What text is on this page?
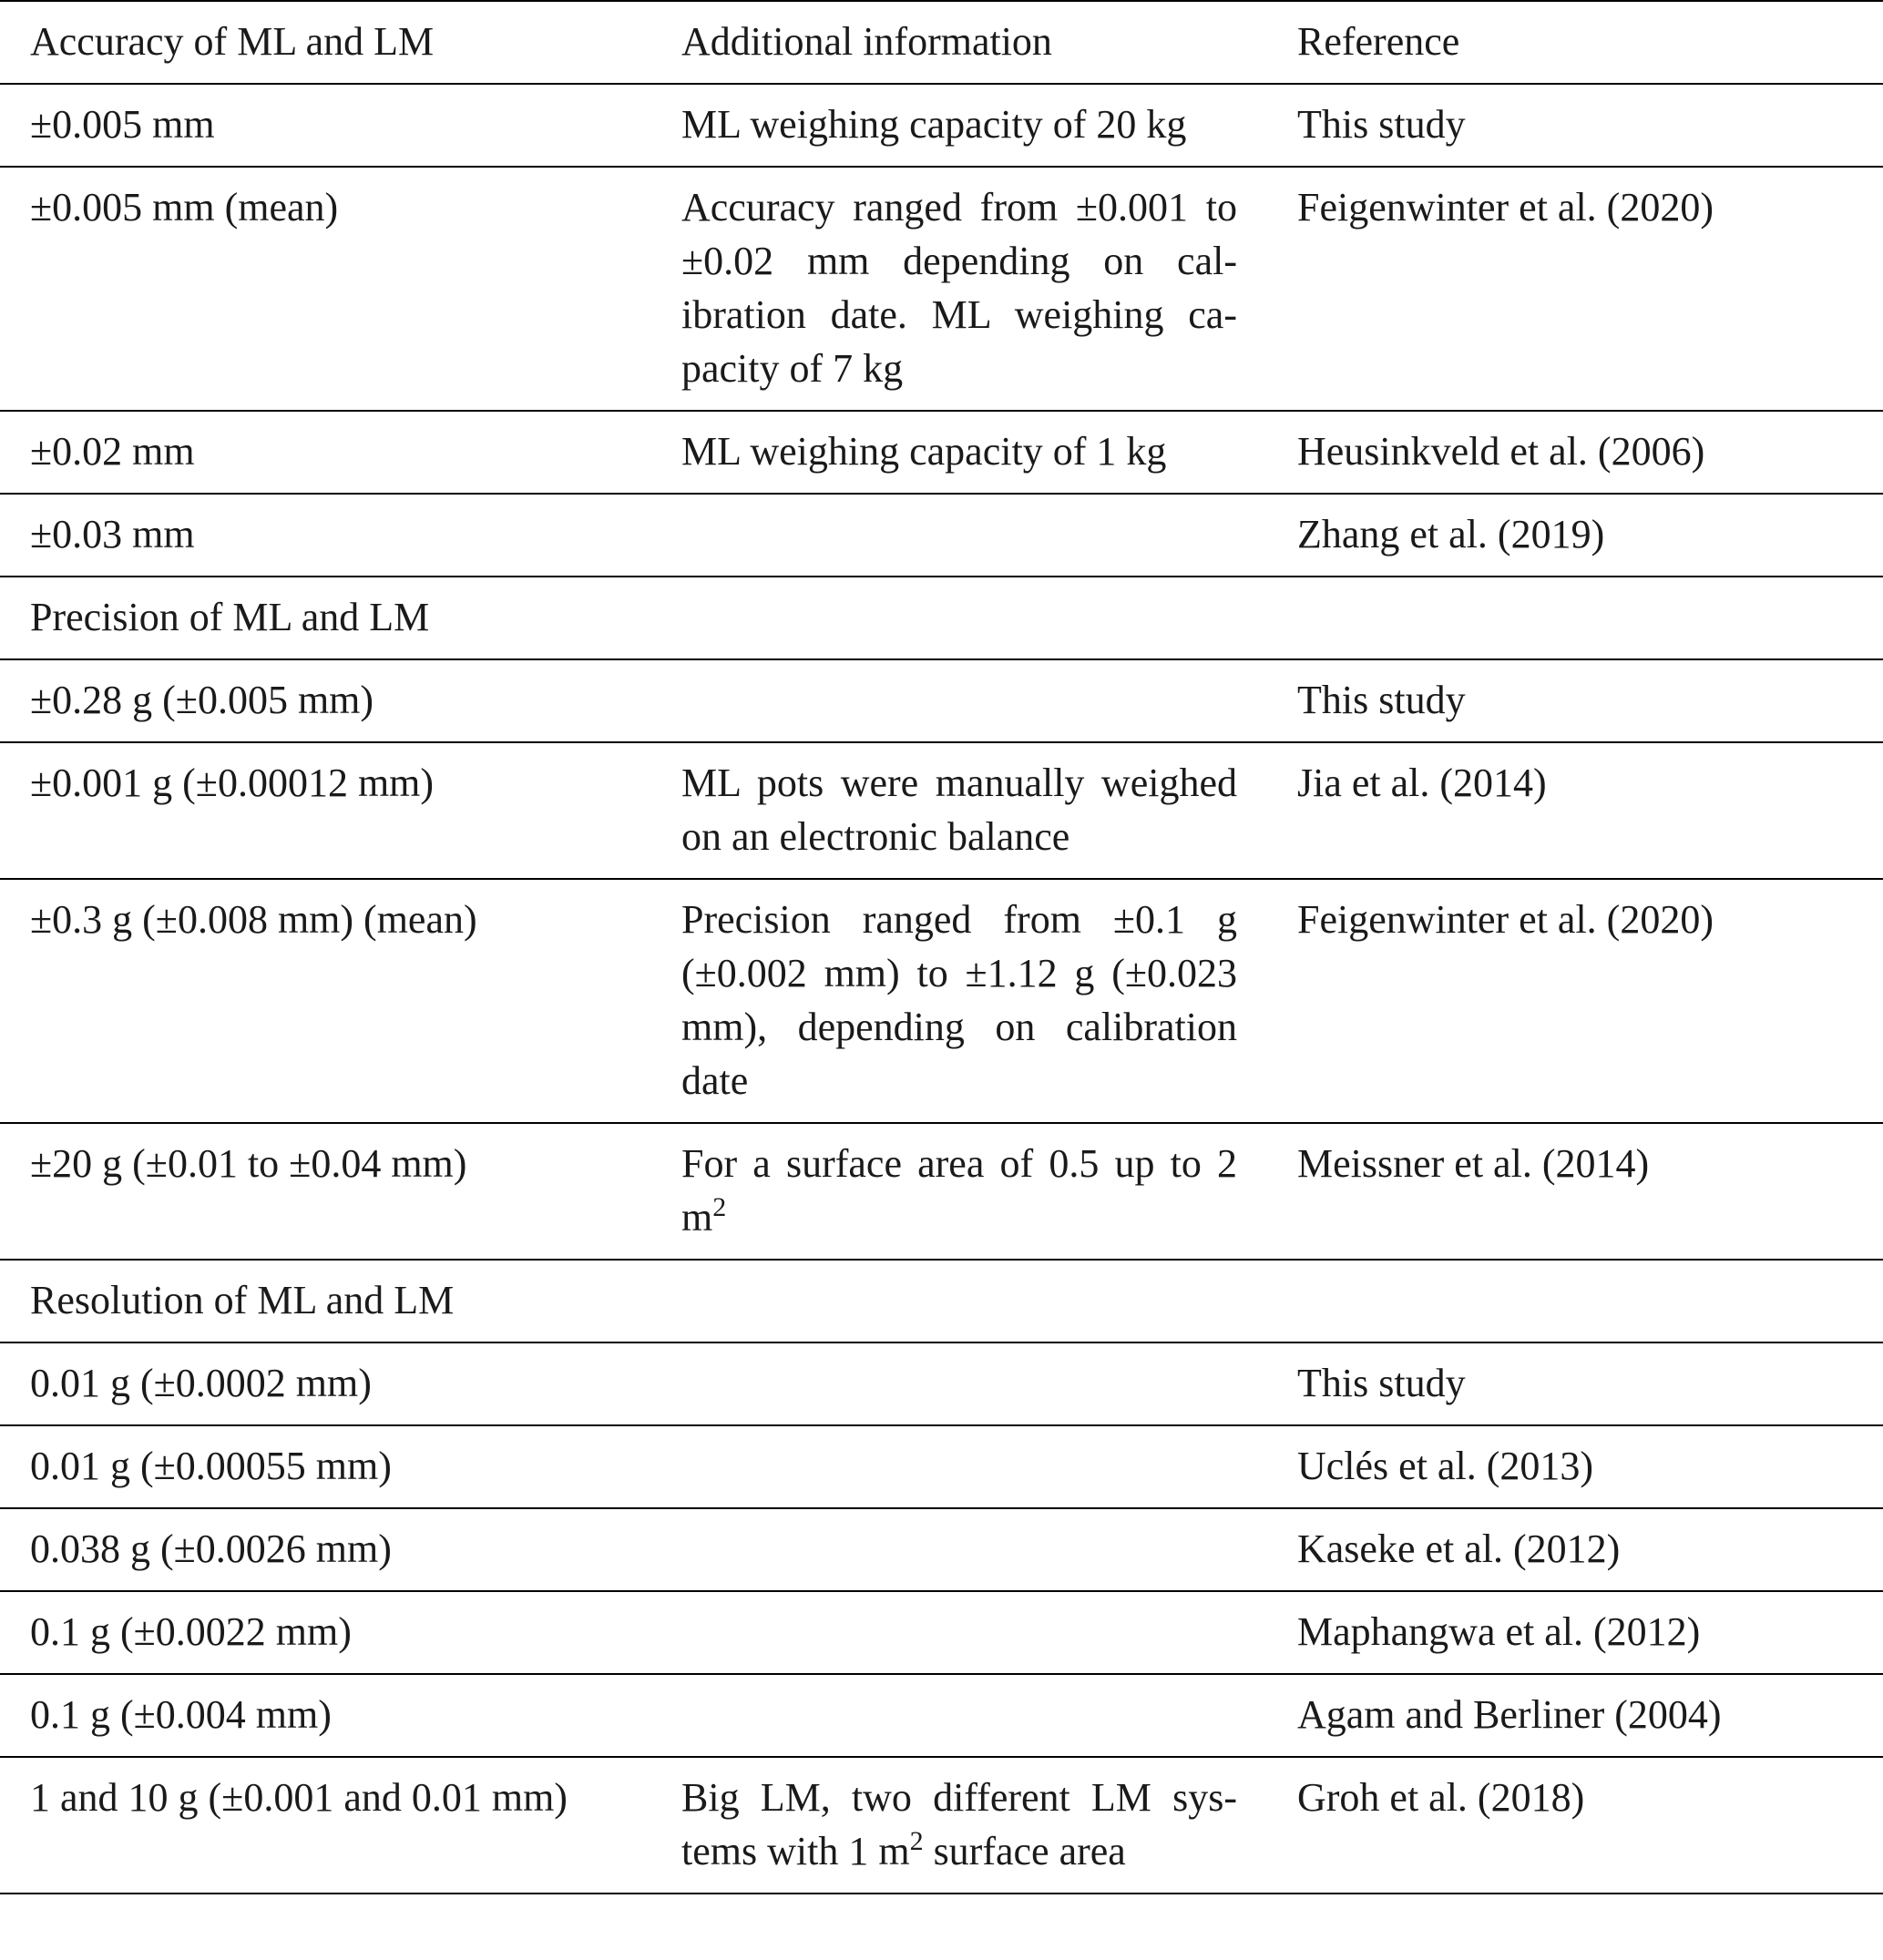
Accuracy of ML and LM	Additional information	Reference
±0.005 mm	ML weighing capacity of 20 kg	This study
±0.005 mm (mean)	Accuracy ranged from ±0.001 to ±0.02 mm depending on calibration date. ML weighing capacity of 7 kg	Feigenwinter et al. (2020)
±0.02 mm	ML weighing capacity of 1 kg	Heusinkveld et al. (2006)
±0.03 mm		Zhang et al. (2019)
Precision of ML and LM		
±0.28 g (±0.005 mm)		This study
±0.001 g (±0.00012 mm)	ML pots were manually weighed on an electronic balance	Jia et al. (2014)
±0.3 g (±0.008 mm) (mean)	Precision ranged from ±0.1 g (±0.002 mm) to ±1.12 g (±0.023 mm), depending on calibration date	Feigenwinter et al. (2020)
±20 g (±0.01 to ±0.04 mm)	For a surface area of 0.5 up to 2 $m^2$	Meissner et al. (2014)
Resolution of ML and LM		
0.01 g (±0.0002 mm)		This study
0.01 g (±0.00055 mm)		Uclés et al. (2013)
0.038 g (±0.0026 mm)		Kaseke et al. (2012)
0.1 g (±0.0022 mm)		Maphangwa et al. (2012)
0.1 g (±0.004 mm)		Agam and Berliner (2004)
1 and 10 g (±0.001 and 0.01 mm)	Big LM, two different LM systems with 1 $m^2$ surface area	Groh et al. (2018)
